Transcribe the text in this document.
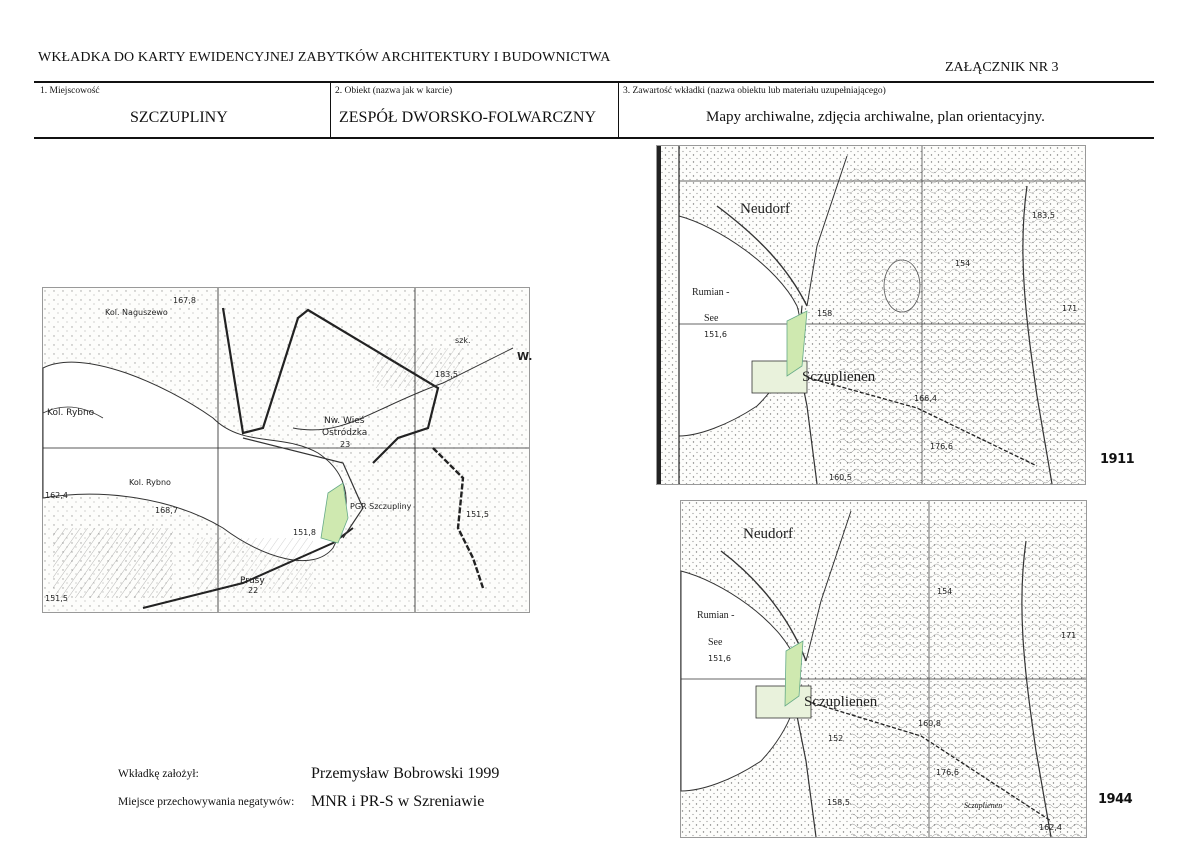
WKŁADKA DO KARTY EWIDENCYJNEJ ZABYTKÓW ARCHITEKTURY I BUDOWNICTWA
ZAŁĄCZNIK NR 3
1. Miejscowość
SZCZUPLINY
2. Obiekt (nazwa jak w karcie)
ZESPÓŁ DWORSKO-FOLWARCZNY
3. Zawartość wkładki (nazwa obiektu lub materiału uzupełniającego)
Mapy archiwalne, zdjęcia archiwalne, plan orientacyjny.
167,8
Kol. Naguszewo
Kol. Rybno
Kol. Rybno
Nw. Wieś
Ostródzka
23
PGR Szczupliny
151,8
Prusy
22
162,4
168,7
151,5
183,5
151,5
szk.
W.
Neudorf
Rumian -
See
151,6
Sczuplienen
183,5
154
171
166,4
176,6
160,5
158
1911
Neudorf
Rumian -
See
151,6
Sczuplienen
Sczuplienen
154
171
160,8
176,6
158,5
162,4
152
1944
Wkładkę założył:	Przemysław Bobrowski 1999
Miejsce przechowywania negatywów: MNR i PR-S w Szreniawie
